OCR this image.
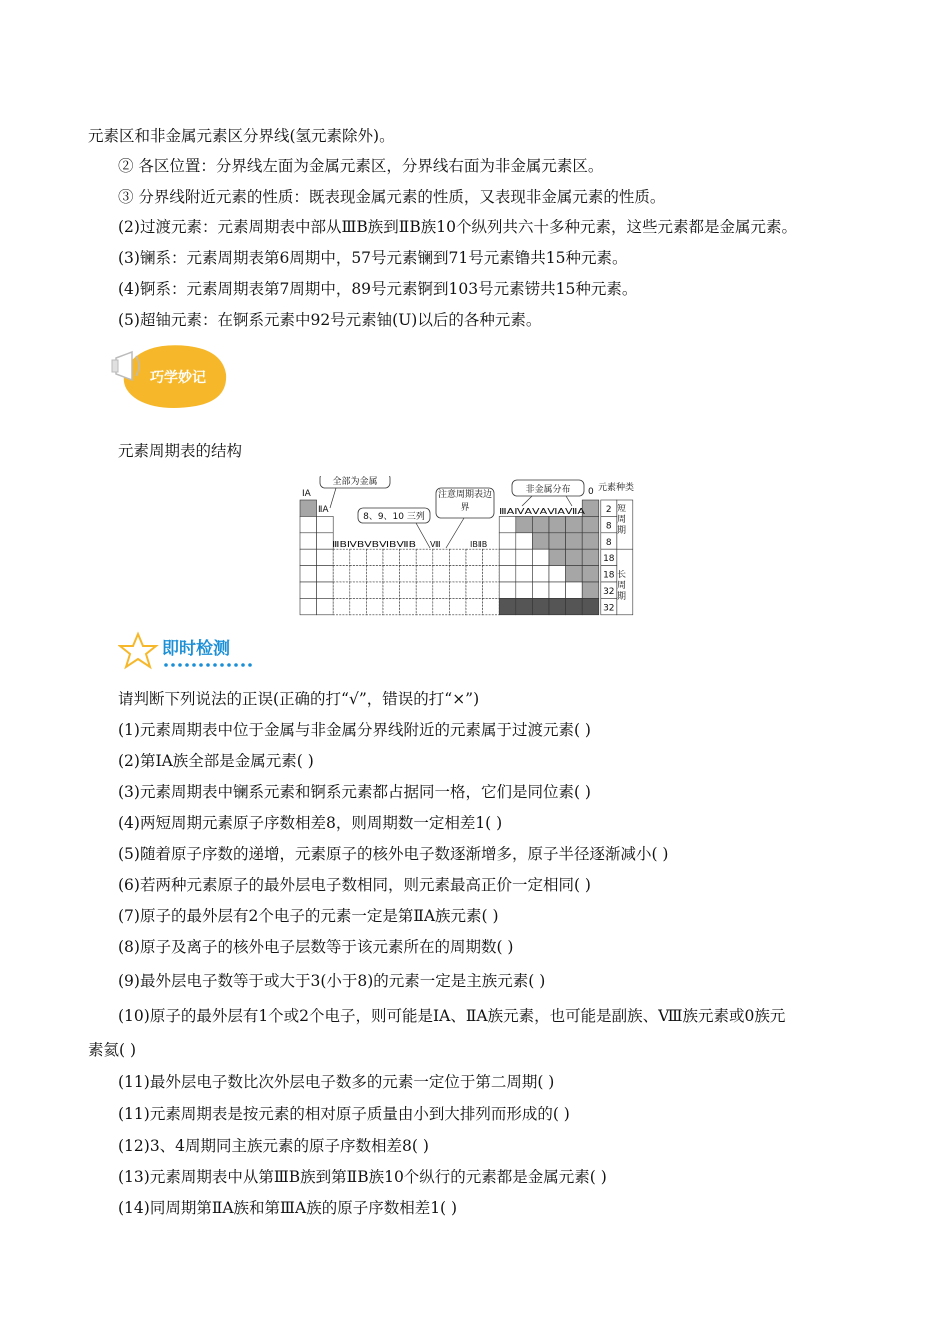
元素区和非金属元素区分界线(氢元素除外)。
② 各区位置：分界线左面为金属元素区，分界线右面为非金属元素区。
③ 分界线附近元素的性质：既表现金属元素的性质，又表现非金属元素的性质。
(2)过渡元素：元素周期表中部从ⅢB族到ⅡB族10个纵列共六十多种元素，这些元素都是金属元素。
(3)镧系：元素周期表第6周期中，57号元素镧到71号元素镥共15种元素。
(4)锕系：元素周期表第7周期中，89号元素锕到103号元素铹共15种元素。
(5)超铀元素：在锕系元素中92号元素铀(U)以后的各种元素。
巧学妙记
元素周期表的结构
ⅠA
ⅡA
全部为金属
8、9、10 三列
注意周期表边界
非金属分布 0 元素种类
ⅢBⅣBⅤBⅥBⅦB Ⅷ	ⅠBⅡB
ⅢAⅣAⅤAⅥAⅦA 2
8
8
18
18
32
32
短周期
长周期
即时检测
请判断下列说法的正误(正确的打“√”，错误的打“×”)
(1)元素周期表中位于金属与非金属分界线附近的元素属于过渡元素( )
(2)第ⅠA族全部是金属元素( )
(3)元素周期表中镧系元素和锕系元素都占据同一格，它们是同位素( )
(4)两短周期元素原子序数相差8，则周期数一定相差1( )
(5)随着原子序数的递增，元素原子的核外电子数逐渐增多，原子半径逐渐减小( )
(6)若两种元素原子的最外层电子数相同，则元素最高正价一定相同( )
(7)原子的最外层有2个电子的元素一定是第ⅡA族元素( )
(8)原子及离子的核外电子层数等于该元素所在的周期数( )
(9)最外层电子数等于或大于3(小于8)的元素一定是主族元素( )
(10)原子的最外层有1个或2个电子，则可能是ⅠA、ⅡA族元素，也可能是副族、Ⅷ族元素或0族元
素氦( )
(11)最外层电子数比次外层电子数多的元素一定位于第二周期( )
(11)元素周期表是按元素的相对原子质量由小到大排列而形成的( )
(12)3、4周期同主族元素的原子序数相差8( )
(13)元素周期表中从第ⅢB族到第ⅡB族10个纵行的元素都是金属元素( )
(14)同周期第ⅡA族和第ⅢA族的原子序数相差1( )
